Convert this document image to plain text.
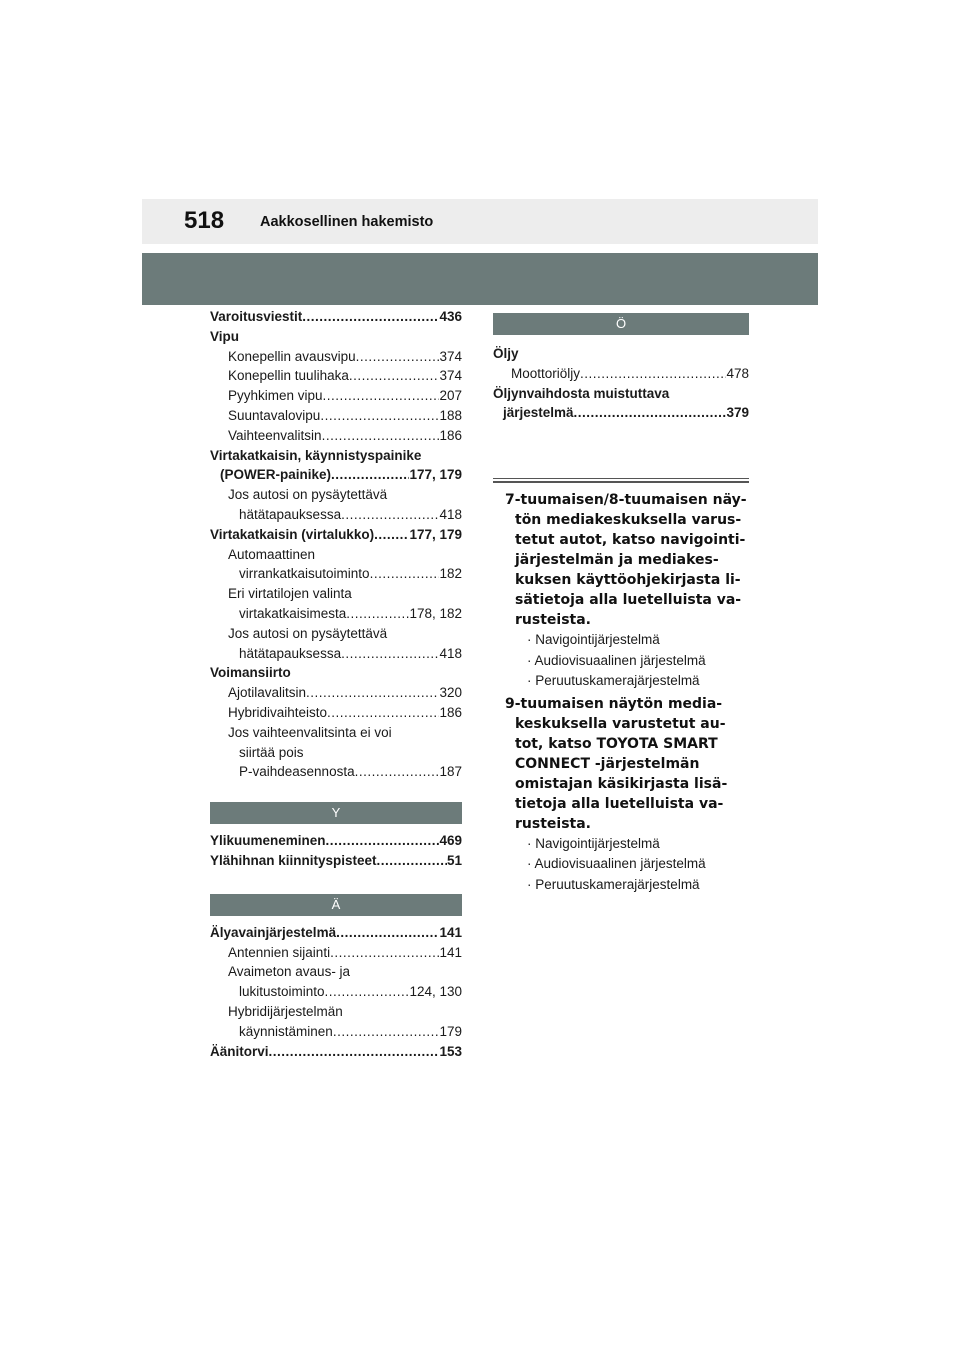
518 Aakkosellinen hakemisto
Varoitusviestit .....	436
Vipu
Konepellin avausvipu .....	374
Konepellin tuulihaka .....	374
Pyyhkimen vipu .....	207
Suuntavalovipu .....	188
Vaihteenvalitsin .....	186
Virtakatkaisin, käynnistyspainike
(POWER-painike) .....	177, 179
Jos autosi on pysäytettävä
hätätapauksessa .....	418
Virtakatkaisin (virtalukko) .....	177, 179
Automaattinen
virrankatkaisutoiminto .....	182
Eri virtatilojen valinta
virtakatkaisimesta .....	178, 182
Jos autosi on pysäytettävä
hätätapauksessa .....	418
Voimansiirto
Ajotilavalitsin .....	320
Hybridivaihteisto .....	186
Jos vaihteenvalitsinta ei voi
siirtää pois
P-vaihdeasennosta .....	187
Y
Ylikuumeneminen .....	469
Ylähihnan kiinnityspisteet .....	51
Ä
Älyavainjärjestelmä .....	141
Antennien sijainti .....	141
Avaimeton avaus- ja
lukitustoiminto .....	124, 130
Hybridijärjestelmän
käynnistäminen .....	179
Äänitorvi .....	153
Ö
Öljy
Moottoriöljy .....	478
Öljynvaihdosta muistuttava
järjestelmä .....	379
7-tuumaisen/8-tuumaisen näy-
tön mediakeskuksella varus-
tetut autot, katso navigointi-
järjestelmän ja mediakes-
kuksen käyttöohjekirjasta li-
sätietoja alla luetelluista va-
rusteista.
· Navigointijärjestelmä
· Audiovisuaalinen järjestelmä
· Peruutuskamerajärjestelmä
9-tuumaisen näytön media-
keskuksella varustetut au-
tot, katso TOYOTA SMART
CONNECT -järjestelmän
omistajan käsikirjasta lisä-
tietoja alla luetelluista va-
rusteista.
· Navigointijärjestelmä
· Audiovisuaalinen järjestelmä
· Peruutuskamerajärjestelmä
